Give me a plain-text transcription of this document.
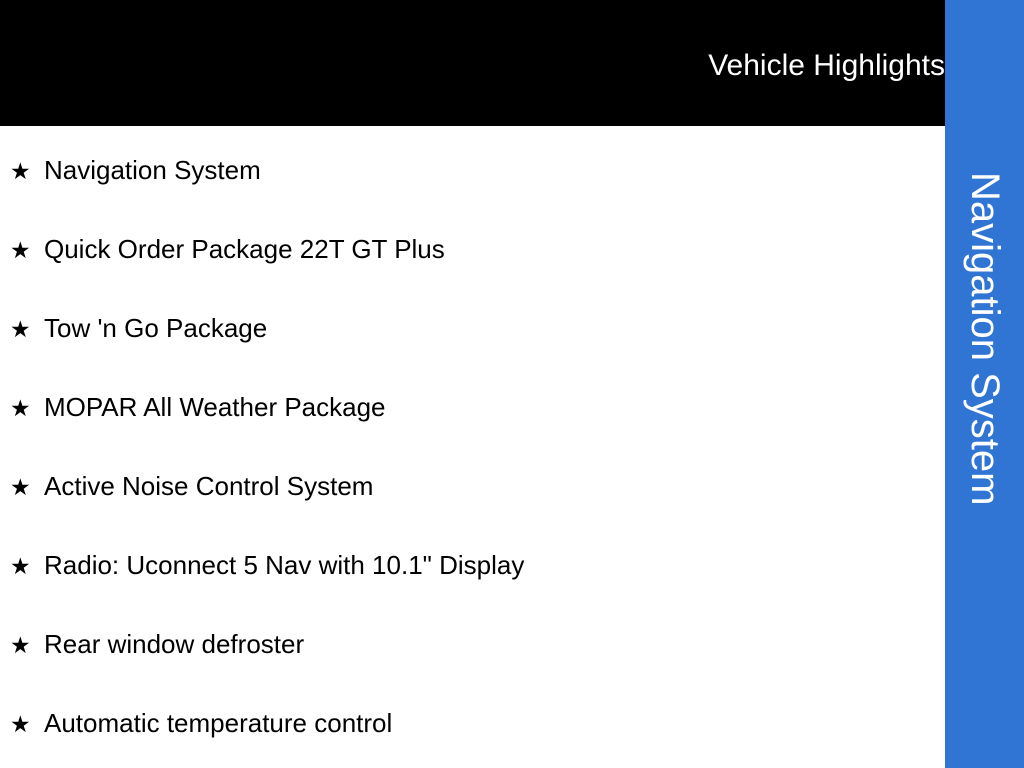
Vehicle Highlights
Navigation System
★ Navigation System
★ Quick Order Package 22T GT Plus
★ Tow 'n Go Package
★ MOPAR All Weather Package
★ Active Noise Control System
★ Radio: Uconnect 5 Nav with 10.1" Display
★ Rear window defroster
★ Automatic temperature control
